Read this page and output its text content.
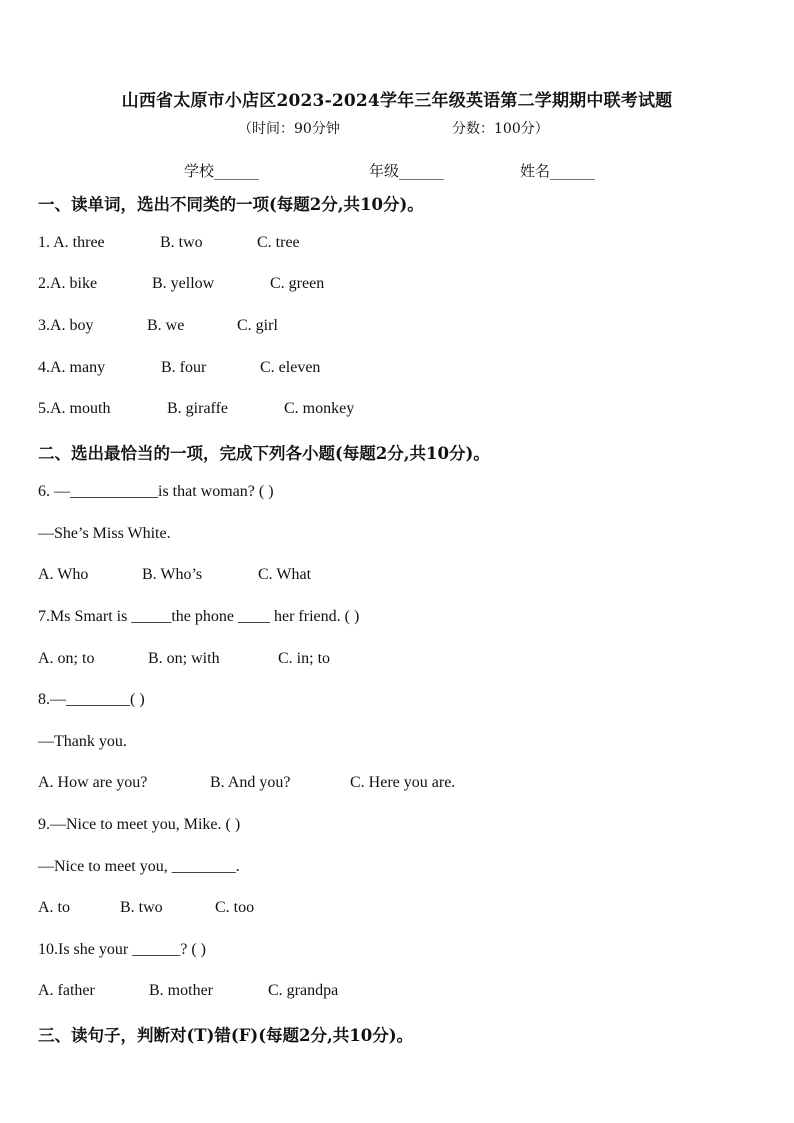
山西省太原市小店区2023-2024学年三年级英语第二学期期中联考试题
（时间：90分钟	分数：100分）
学校______	年级______	姓名______
一、读单词，选出不同类的一项(每题2分,共10分)。
1. A. three	B. two	C. tree
2.A. bike	B. yellow	C. green
3.A. boy	B. we	C. girl
4.A. many	B. four	C. eleven
5.A. mouth	B. giraffe	C. monkey
二、选出最恰当的一项，完成下列各小题(每题2分,共10分)。
6. —___________is that woman? ( )
—She’s Miss White.
A. Who	B. Who’s	C. What
7.Ms Smart is _____the phone ____ her friend. ( )
A. on; to	B. on; with	C. in; to
8.—________( )
—Thank you.
A. How are you?	B. And you?	C. Here you are.
9.—Nice to meet you, Mike. ( )
—Nice to meet you, ________.
A. to	B. two	C. too
10.Is she your ______? ( )
A. father	B. mother	C. grandpa
三、读句子，判断对(T)错(F)(每题2分,共10分)。
